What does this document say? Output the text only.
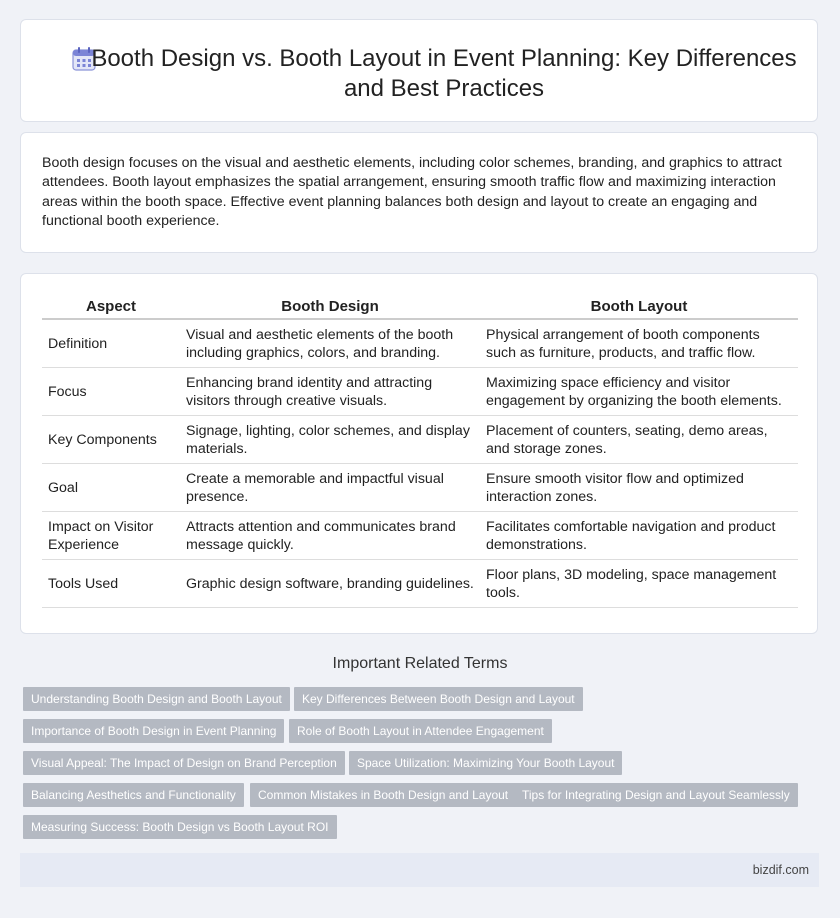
Booth Design vs. Booth Layout in Event Planning: Key Differences and Best Practices

Booth design focuses on the visual and aesthetic elements, including color schemes, branding, and graphics to attract attendees. Booth layout emphasizes the spatial arrangement, ensuring smooth traffic flow and maximizing interaction areas within the booth space. Effective event planning balances both design and layout to create an engaging and functional booth experience.

Aspect	Booth Design	Booth Layout
Definition	Visual and aesthetic elements of the booth including graphics, colors, and branding.	Physical arrangement of booth components such as furniture, products, and traffic flow.
Focus	Enhancing brand identity and attracting visitors through creative visuals.	Maximizing space efficiency and visitor engagement by organizing the booth elements.
Key Components	Signage, lighting, color schemes, and display materials.	Placement of counters, seating, demo areas, and storage zones.
Goal	Create a memorable and impactful visual presence.	Ensure smooth visitor flow and optimized interaction zones.
Impact on Visitor Experience	Attracts attention and communicates brand message quickly.	Facilitates comfortable navigation and product demonstrations.
Tools Used	Graphic design software, branding guidelines.	Floor plans, 3D modeling, space management tools.
Important Related Terms
Understanding Booth Design and Booth Layout	Key Differences Between Booth Design and Layout
Importance of Booth Design in Event Planning	Role of Booth Layout in Attendee Engagement
Visual Appeal: The Impact of Design on Brand Perception	Space Utilization: Maximizing Your Booth Layout
Balancing Aesthetics and Functionality	Common Mistakes in Booth Design and Layout	Tips for Integrating Design and Layout Seamlessly
Measuring Success: Booth Design vs Booth Layout ROI
bizdif.com
